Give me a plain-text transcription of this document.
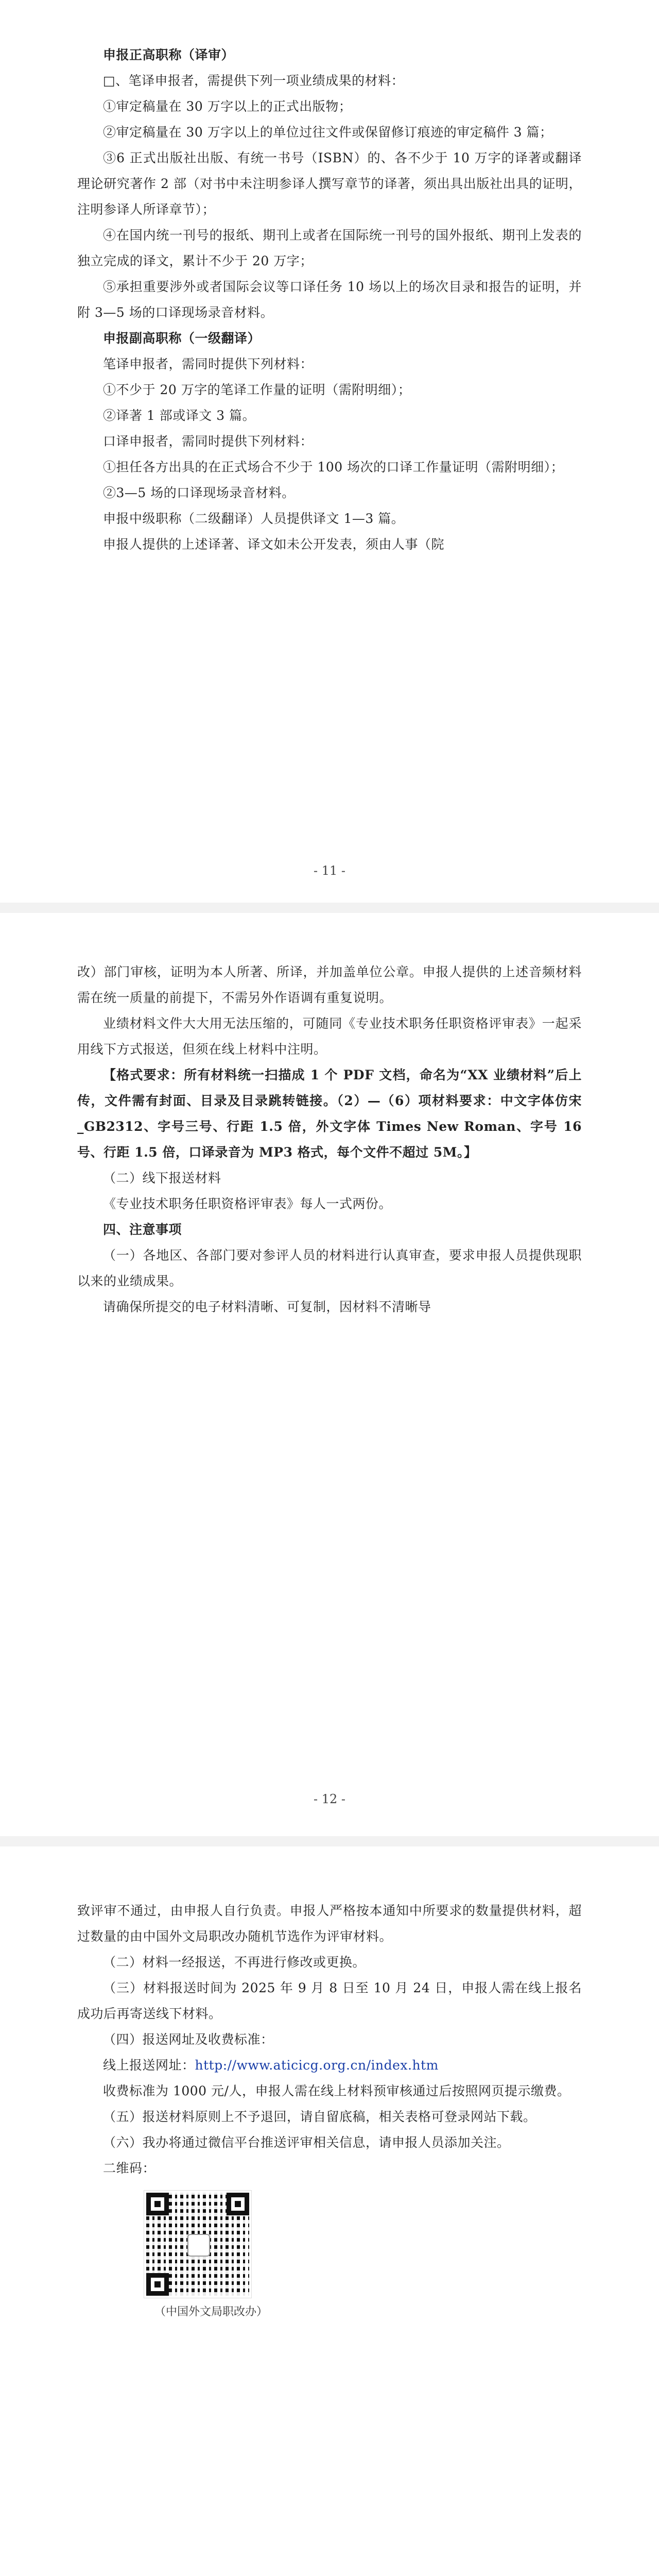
申报正高职称（译审）

□、笔译申报者，需提供下列一项业绩成果的材料：

①审定稿量在 30 万字以上的正式出版物；

②审定稿量在 30 万字以上的单位过往文件或保留修订痕迹的审定稿件 3 篇；

③6 正式出版社出版、有统一书号（ISBN）的、各不少于 10 万字的译著或翻译理论研究著作 2 部（对书中未注明参译人撰写章节的译著，须出具出版社出具的证明，注明参译人所译章节）；

④在国内统一刊号的报纸、期刊上或者在国际统一刊号的国外报纸、期刊上发表的独立完成的译文，累计不少于 20 万字；

⑤承担重要涉外或者国际会议等口译任务 10 场以上的场次目录和报告的证明，并附 3—5 场的口译现场录音材料。

申报副高职称（一级翻译）

笔译申报者，需同时提供下列材料：

①不少于 20 万字的笔译工作量的证明（需附明细）；

②译著 1 部或译文 3 篇。

口译申报者，需同时提供下列材料：

①担任各方出具的在正式场合不少于 100 场次的口译工作量证明（需附明细）；

②3—5 场的口译现场录音材料。

申报中级职称（二级翻译）人员提供译文 1—3 篇。

申报人提供的上述译著、译文如未公开发表，须由人事（院

- 11 -

改）部门审核，证明为本人所著、所译，并加盖单位公章。申报人提供的上述音频材料需在统一质量的前提下，不需另外作语调有重复说明。

业绩材料文件大大用无法压缩的，可随同《专业技术职务任职资格评审表》一起采用线下方式报送，但须在线上材料中注明。

【格式要求：所有材料统一扫描成 1 个 PDF 文档，命名为“XX 业绩材料”后上传，文件需有封面、目录及目录跳转链接。（2）—（6）项材料要求：中文字体仿宋_GB2312、字号三号、行距 1.5 倍，外文字体 Times New Roman、字号 16 号、行距 1.5 倍，口译录音为 MP3 格式，每个文件不超过 5M。】

（二）线下报送材料

《专业技术职务任职资格评审表》每人一式两份。

四、注意事项

（一）各地区、各部门要对参评人员的材料进行认真审查，要求申报人员提供现职以来的业绩成果。

请确保所提交的电子材料清晰、可复制，因材料不清晰导

- 12 -

致评审不通过，由申报人自行负责。申报人严格按本通知中所要求的数量提供材料，超过数量的由中国外文局职改办随机节选作为评审材料。

（二）材料一经报送，不再进行修改或更换。

（三）材料报送时间为 2025 年 9 月 8 日至 10 月 24 日，申报人需在线上报名成功后再寄送线下材料。

（四）报送网址及收费标准：

线上报送网址：http://www.aticicg.org.cn/index.htm

收费标准为 1000 元/人，申报人需在线上材料预审核通过后按照网页提示缴费。

（五）报送材料原则上不予退回，请自留底稿，相关表格可登录网站下载。

（六）我办将通过微信平台推送评审相关信息，请申报人员添加关注。

二维码：

（中国外文局职改办）
